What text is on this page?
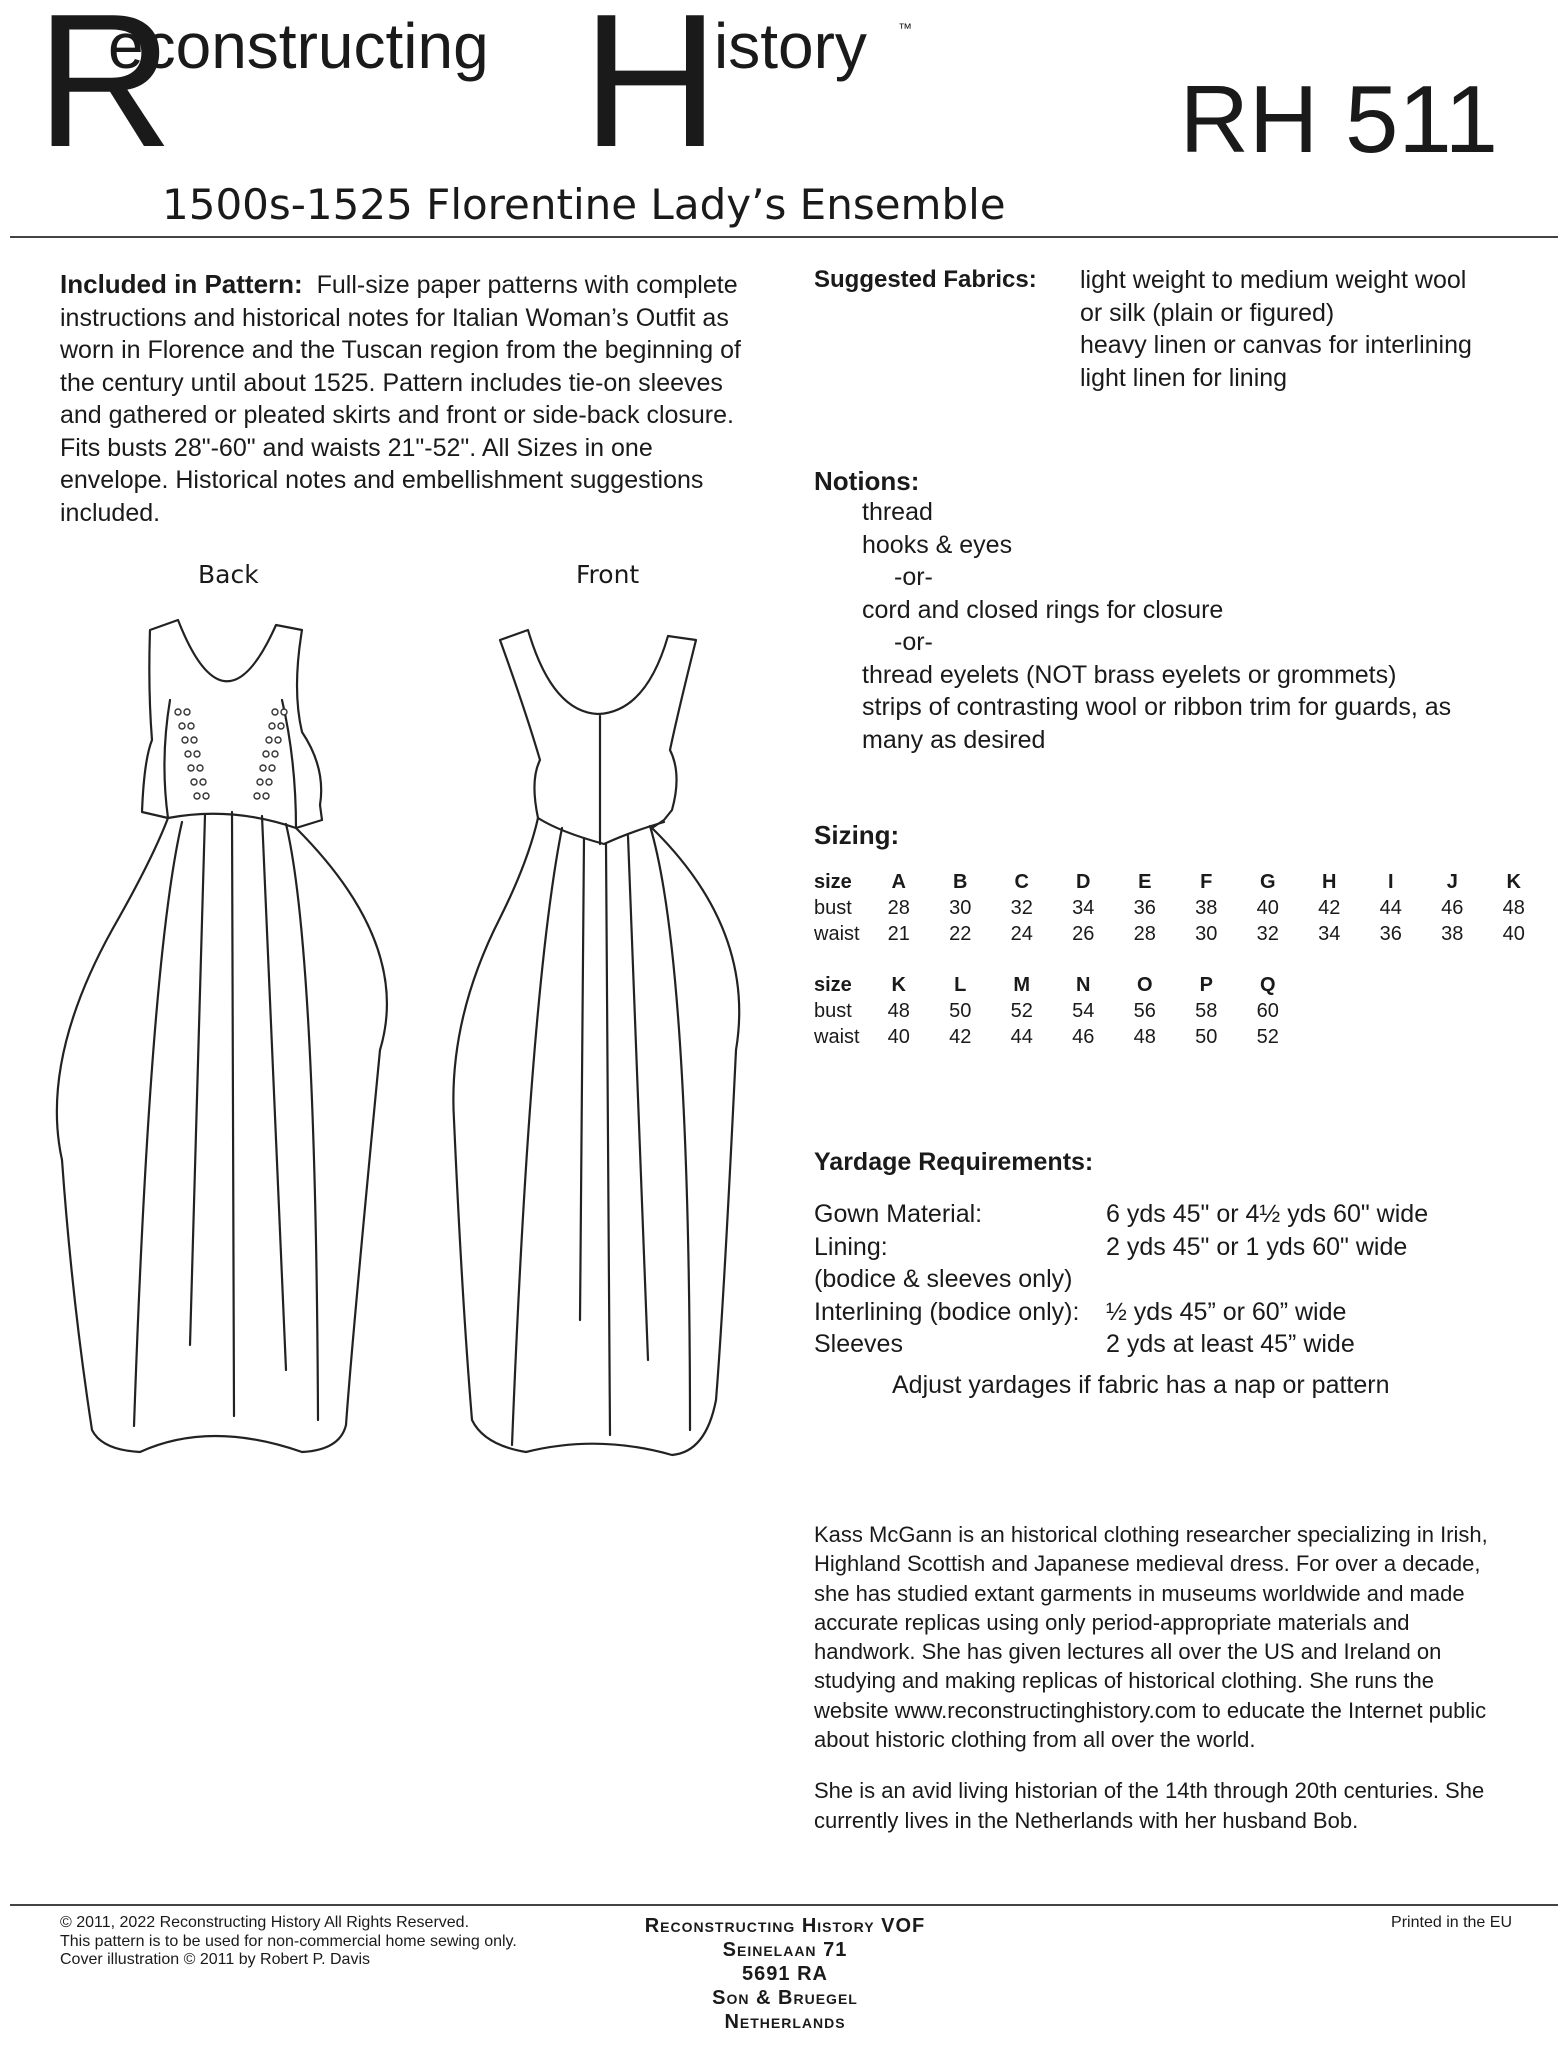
R
econstructing H
istory ™
RH 511
1500s-1525 Florentine Lady’s Ensemble
Included in Pattern: Full-size paper patterns with complete instructions and historical notes for Italian Woman’s Outfit as worn in Florence and the Tuscan region from the beginning of the century until about 1525. Pattern includes tie-on sleeves and gathered or pleated skirts and front or side-back closure. Fits busts 28"-60" and waists 21"-52". All Sizes in one envelope. Historical notes and embellishment suggestions included.
Back	Front
Suggested Fabrics: light weight to medium weight wool
or silk (plain or figured)
heavy linen or canvas for interlining
light linen for lining
Notions:
thread
hooks & eyes
-or-
cord and closed rings for closure
-or-
thread eyelets (NOT brass eyelets or grommets)
strips of contrasting wool or ribbon trim for guards, as
many as desired
Sizing:
size	A	B	C	D	E	F	G	H	I	J	K
bust	28	30	32	34	36	38	40	42	44	46	48
waist	21	22	24	26	28	30	32	34	36	38	40
size	K	L	M	N	O	P	Q
bust	48	50	52	54	56	58	60
waist	40	42	44	46	48	50	52
Yardage Requirements:
Gown Material:	6 yds 45" or 4½ yds 60" wide
Lining:	2 yds 45" or 1 yds 60" wide
(bodice & sleeves only)
Interlining (bodice only):	½ yds 45” or 60” wide
Sleeves	2 yds at least 45” wide
Adjust yardages if fabric has a nap or pattern

Kass McGann is an historical clothing researcher specializing in Irish, Highland Scottish and Japanese medieval dress. For over a decade, she has studied extant garments in museums worldwide and made accurate replicas using only period-appropriate materials and handwork. She has given lectures all over the US and Ireland on studying and making replicas of historical clothing. She runs the website www.reconstructinghistory.com to educate the Internet public about historic clothing from all over the world.

She is an avid living historian of the 14th through 20th centuries. She currently lives in the Netherlands with her husband Bob.

© 2011, 2022 Reconstructing History All Rights Reserved.
This pattern is to be used for non-commercial home sewing only.
Cover illustration © 2011 by Robert P. Davis
Reconstructing History VOF
Seinelaan 71
5691 RA
Son & Bruegel
Netherlands
Printed in the EU
